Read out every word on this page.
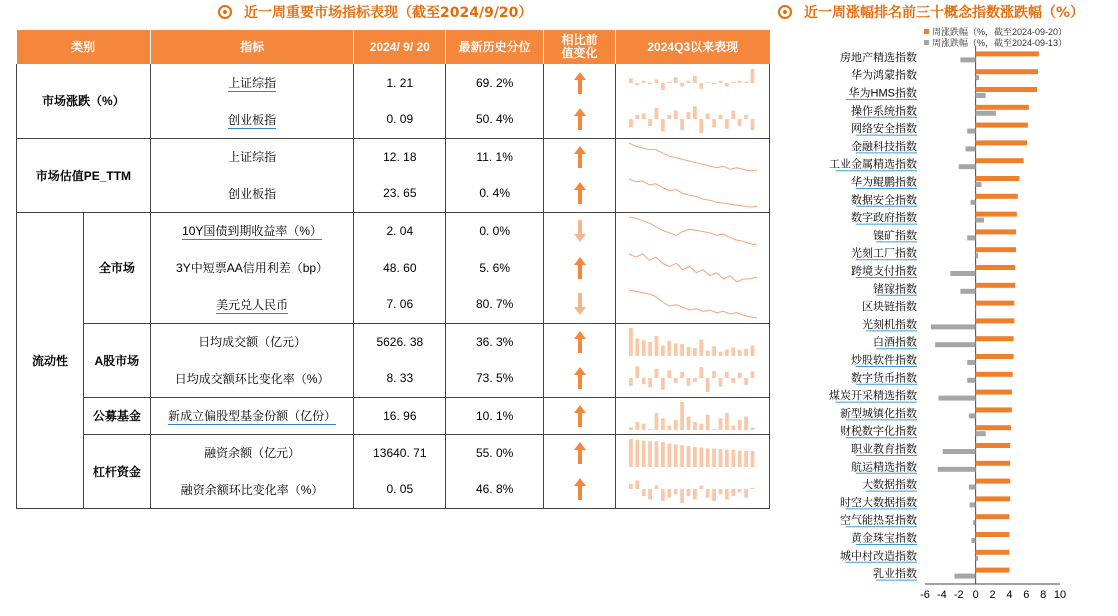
近一周重要市场指标表现（截至2024/9/20）	近一周涨幅排名前三十概念指数涨跌幅（%）
类别		指标	2024/ 9/ 20	最新历史分位	相比前值变化	2024Q3以来表现
市场涨跌（%）		上证综指	1. 21	69. 2%	

		创业板指	0. 09	50. 4%	

市场估值PE_TTM		上证综指	12. 18	11. 1%	

		创业板指	23. 65	0. 4%	

流动性	全市场	10Y国债到期收益率（%）	2. 04	0. 0%	

		3Y中短票AA信用利差（bp）	48. 60	5. 6%	

		美元兑人民币	7. 06	80. 7%	

	A股市场	日均成交额（亿元）	5626. 38	36. 3%	

		日均成交额环比变化率（%）	8. 33	73. 5%	

	公募基金	新成立偏股型基金份额（亿份）	16. 96	10. 1%	

	杠杆资金	融资余额（亿元）	13640. 71	55. 0%	

		融资余额环比变化率（%）	0. 05	46. 8%	

周涨跌幅（%，截至2024-09-20）
周涨跌幅（%，截至2024-09-13）
房地产精选指数
华为鸿蒙指数
华为HMS指数
操作系统指数
网络安全指数
金融科技指数
工业金属精选指数
华为鲲鹏指数
数据安全指数
数字政府指数
镍矿指数
光刻工厂指数
跨境支付指数
锗镓指数
区块链指数
光刻机指数
白酒指数
炒股软件指数
数字货币指数
煤炭开采精选指数
新型城镇化指数
财税数字化指数
职业教育指数
航运精选指数
大数据指数
时空大数据指数
空气能热泵指数
黄金珠宝指数
城中村改造指数
乳业指数
-6 -4 -2 0 2 4 6 8 10
